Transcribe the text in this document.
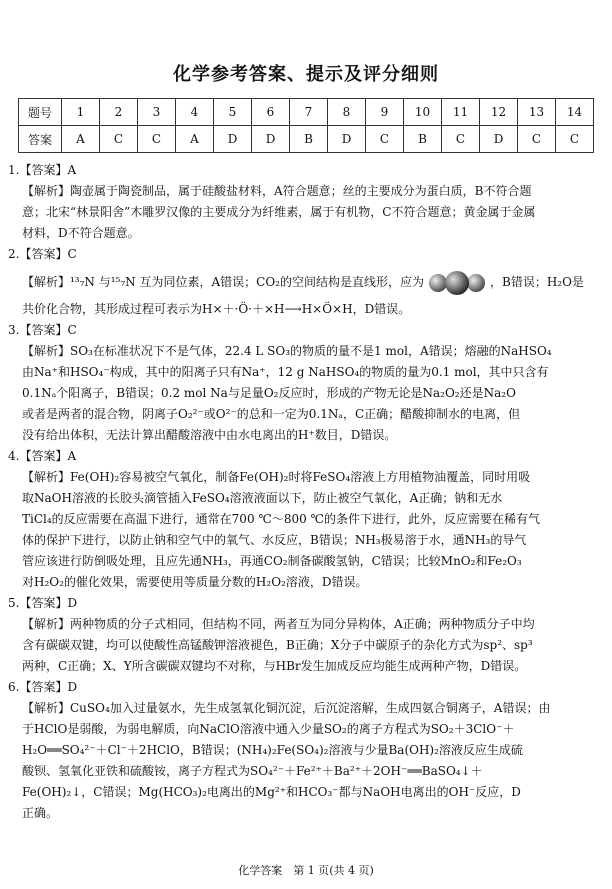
化学参考答案、提示及评分细则
题号	1	2	3	4	5	6	7	8	9	10	11	12	13	14
答案	A	C	C	A	D	D	B	D	C	B	C	D	C	C
1.【答案】A
【解析】陶壶属于陶瓷制品，属于硅酸盐材料，A符合题意；丝的主要成分为蛋白质，B不符合题
意；北宋“林景阳舍”木雕罗汉像的主要成分为纤维素，属于有机物，C不符合题意；黄金属于金属
材料，D不符合题意。
2.【答案】C
【解析】¹³₇N 与¹⁵₇N 互为同位素，A错误；CO₂的空间结构是直线形，应为	，B错误；H₂O是
共价化合物，其形成过程可表示为H×＋·Ö·＋×H⟶H×Ö×H，D错误。
3.【答案】C
【解析】SO₃在标准状况下不是气体，22.4 L SO₃的物质的量不是1 mol，A错误；熔融的NaHSO₄
由Na⁺和HSO₄⁻构成，其中的阳离子只有Na⁺，12 g NaHSO₄的物质的量为0.1 mol，其中只含有
0.1Nₐ个阳离子，B错误；0.2 mol Na与足量O₂反应时，形成的产物无论是Na₂O₂还是Na₂O
或者是两者的混合物，阴离子O₂²⁻或O²⁻的总和一定为0.1Nₐ，C正确；醋酸抑制水的电离，但
没有给出体积，无法计算出醋酸溶液中由水电离出的H⁺数目，D错误。
4.【答案】A
【解析】Fe(OH)₂容易被空气氧化，制备Fe(OH)₂时将FeSO₄溶液上方用植物油覆盖，同时用吸
取NaOH溶液的长胶头滴管插入FeSO₄溶液液面以下，防止被空气氧化，A正确；钠和无水
TiCl₄的反应需要在高温下进行，通常在700 ℃～800 ℃的条件下进行，此外，反应需要在稀有气
体的保护下进行，以防止钠和空气中的氧气、水反应，B错误；NH₃极易溶于水，通NH₃的导气
管应该进行防倒吸处理，且应先通NH₃，再通CO₂制备碳酸氢钠，C错误；比较MnO₂和Fe₂O₃
对H₂O₂的催化效果，需要使用等质量分数的H₂O₂溶液，D错误。
5.【答案】D
【解析】两种物质的分子式相同，但结构不同，两者互为同分异构体，A正确；两种物质分子中均
含有碳碳双键，均可以使酸性高锰酸钾溶液褪色，B正确；X分子中碳原子的杂化方式为sp²、sp³
两种，C正确；X、Y所含碳碳双键均不对称，与HBr发生加成反应均能生成两种产物，D错误。
6.【答案】D
【解析】CuSO₄加入过量氨水，先生成氢氧化铜沉淀，后沉淀溶解，生成四氨合铜离子，A错误；由
于HClO是弱酸，为弱电解质，向NaClO溶液中通入少量SO₂的离子方程式为SO₂＋3ClO⁻＋
H₂O══SO₄²⁻＋Cl⁻＋2HClO，B错误；(NH₄)₂Fe(SO₄)₂溶液与少量Ba(OH)₂溶液反应生成硫
酸钡、氢氧化亚铁和硫酸铵，离子方程式为SO₄²⁻＋Fe²⁺＋Ba²⁺＋2OH⁻══BaSO₄↓＋
Fe(OH)₂↓，C错误；Mg(HCO₃)₂电离出的Mg²⁺和HCO₃⁻都与NaOH电离出的OH⁻反应，D
正确。
化学答案　第 1 页(共 4 页)
